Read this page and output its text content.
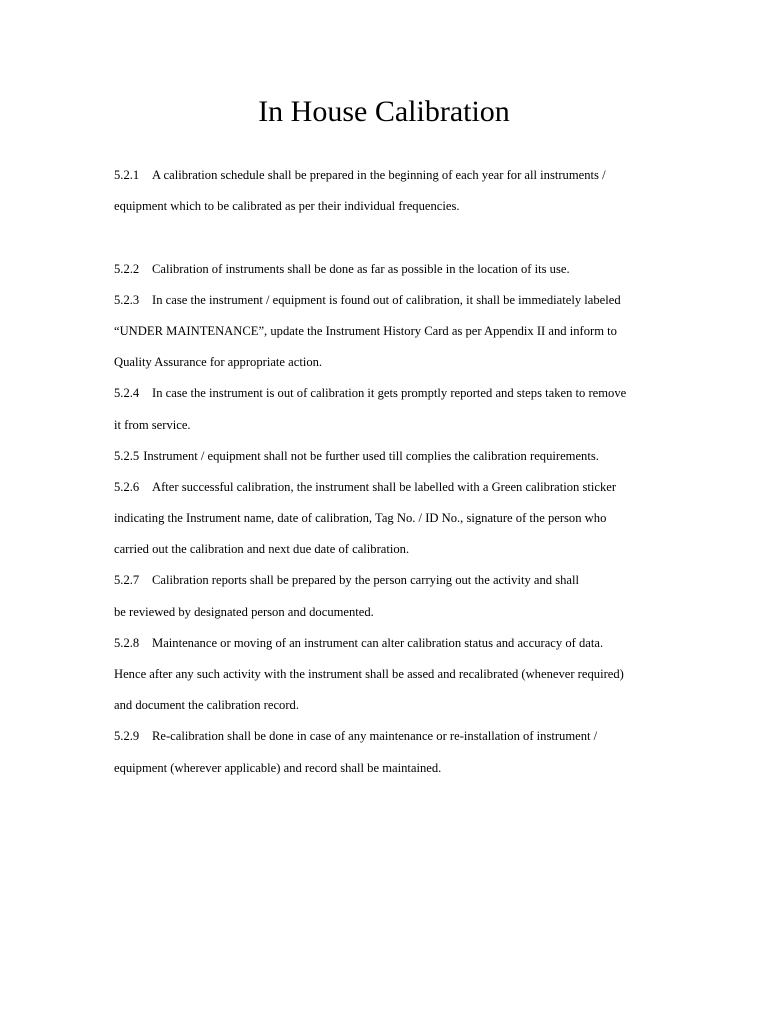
In House Calibration
5.2.1 A calibration schedule shall be prepared in the beginning of each year for all instruments /
equipment which to be calibrated as per their individual frequencies.
5.2.2 Calibration of instruments shall be done as far as possible in the location of its use.
5.2.3 In case the instrument / equipment is found out of calibration, it shall be immediately labeled
“UNDER MAINTENANCE”, update the Instrument History Card as per Appendix II and inform to
Quality Assurance for appropriate action.
5.2.4 In case the instrument is out of calibration it gets promptly reported and steps taken to remove
it from service.
5.2.5 Instrument / equipment shall not be further used till complies the calibration requirements.
5.2.6 After successful calibration, the instrument shall be labelled with a Green calibration sticker
indicating the Instrument name, date of calibration, Tag No. / ID No., signature of the person who
carried out the calibration and next due date of calibration.
5.2.7 Calibration reports shall be prepared by the person carrying out the activity and shall
be reviewed by designated person and documented.
5.2.8 Maintenance or moving of an instrument can alter calibration status and accuracy of data.
Hence after any such activity with the instrument shall be assed and recalibrated (whenever required)
and document the calibration record.
5.2.9 Re-calibration shall be done in case of any maintenance or re-installation of instrument /
equipment (wherever applicable) and record shall be maintained.
